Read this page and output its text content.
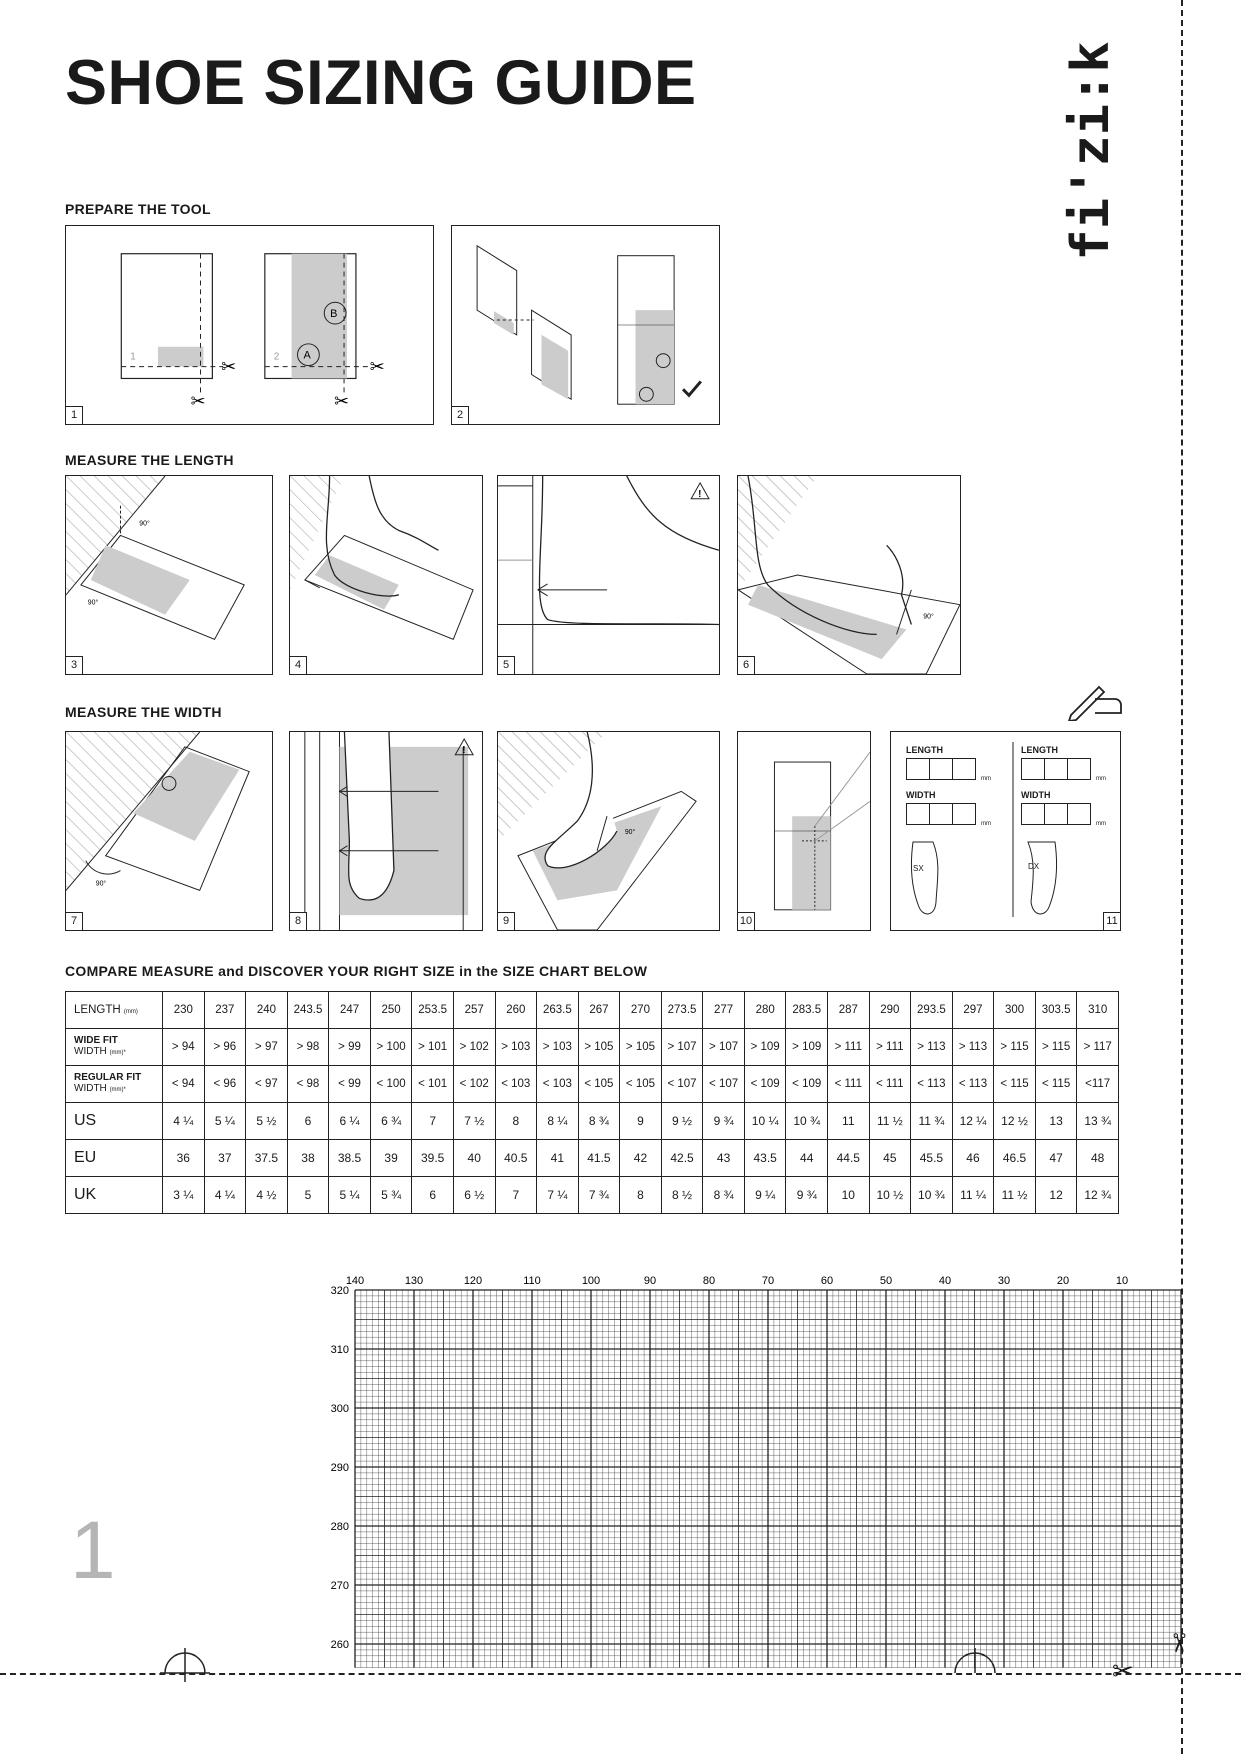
SHOE SIZING GUIDE	fi'zi:k
PREPARE THE TOOL
1	✂
✂
2
B
A
✂
✂
1	2
MEASURE THE LENGTH
90°
90°
3	4
!
5
90°
6
MEASURE THE WIDTH
90°
7
!
8
90°
9	10
LENGTH
mm
WIDTH
mm
LENGTH
mm
WIDTH
mm
SX	DX
11
COMPARE MEASURE and DISCOVER YOUR RIGHT SIZE in the SIZE CHART BELOW
LENGTH (mm)	230	237	240	243.5	247	250	253.5	257	260	263.5	267	270	273.5	277	280	283.5	287	290	293.5	297	300	303.5	310

WIDE FIT
WIDTH (mm)*	> 94	> 96	> 97	> 98	> 99	> 100	> 101	> 102	> 103	> 103	> 105	> 105	> 107	> 107	> 109	> 109	> 111	> 111	> 113	> 113	> 115	> 115	> 117

REGULAR FIT
WIDTH (mm)*	< 94	< 96	< 97	< 98	< 99	< 100	< 101	< 102	< 103	< 103	< 105	< 105	< 107	< 107	< 109	< 109	< 111	< 111	< 113	< 113	< 115	< 115	<117
US	4 ¼	5 ¼	5 ½	6	6 ¼	6 ¾	7	7 ½	8	8 ¼	8 ¾	9	9 ½	9 ¾	10 ¼	10 ¾	11	11 ½	11 ¾	12 ¼	12 ½	13	13 ¾
EU	36	37	37.5	38	38.5	39	39.5	40	40.5	41	41.5	42	42.5	43	43.5	44	44.5	45	45.5	46	46.5	47	48
UK	3 ¼	4 ¼	4 ½	5	5 ¼	5 ¾	6	6 ½	7	7 ¼	7 ¾	8	8 ½	8 ¾	9 ¼	9 ¾	10	10 ½	10 ¾	11 ¼	11 ½	12	12 ¾
140	130	120	110	100	90	80	70	60	50	40	30	20	10
320
310
300
290
280
270
260
✂
✂
1
